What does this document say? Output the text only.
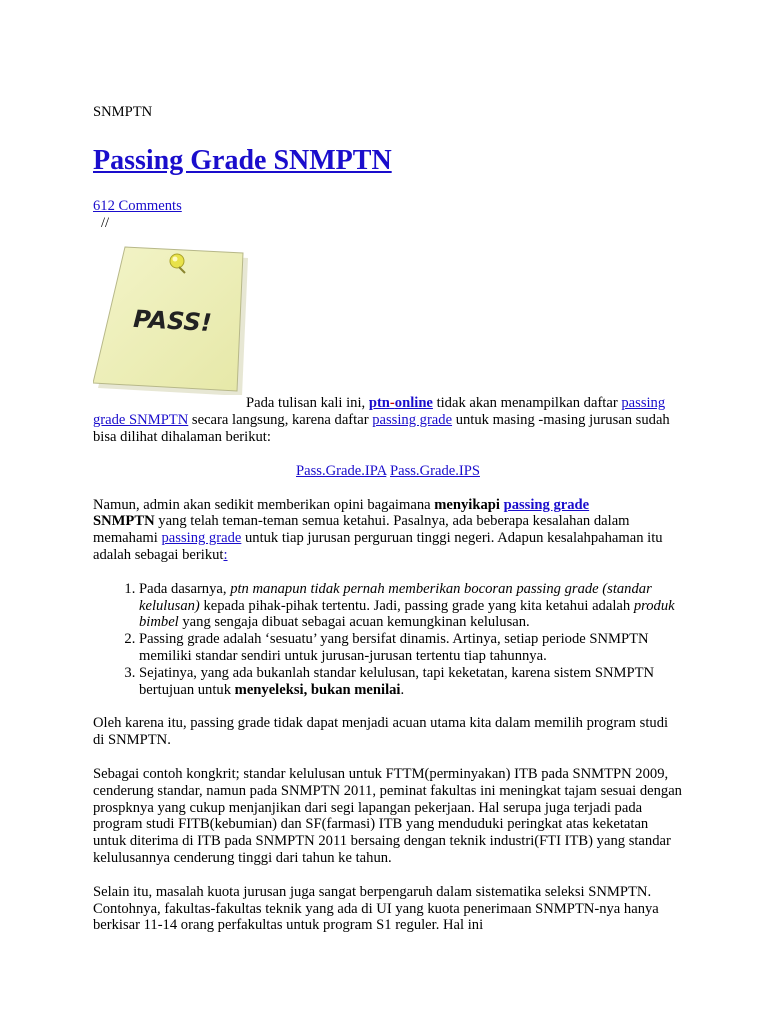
SNMPTN

Passing Grade SNMPTN
612 Comments
//
PASS!

Pada tulisan kali ini, ptn-online tidak akan menampilkan daftar passing grade SNMPTN secara langsung, karena daftar passing grade untuk masing -masing jurusan sudah bisa dilihat dihalaman berikut:

Pass.Grade.IPA Pass.Grade.IPS

Namun, admin akan sedikit memberikan opini bagaimana menyikapi passing grade
SNMPTN yang telah teman-teman semua ketahui. Pasalnya, ada beberapa kesalahan dalam memahami passing grade untuk tiap jurusan perguruan tinggi negeri. Adapun kesalahpahaman itu adalah sebagai berikut:

1. Pada dasarnya, ptn manapun tidak pernah memberikan bocoran passing grade (standar kelulusan) kepada pihak-pihak tertentu. Jadi, passing grade yang kita ketahui adalah produk bimbel yang sengaja dibuat sebagai acuan kemungkinan kelulusan.
2. Passing grade adalah ‘sesuatu’ yang bersifat dinamis. Artinya, setiap periode SNMPTN memiliki standar sendiri untuk jurusan-jurusan tertentu tiap tahunnya.
3. Sejatinya, yang ada bukanlah standar kelulusan, tapi keketatan, karena sistem SNMPTN bertujuan untuk menyeleksi, bukan menilai.

Oleh karena itu, passing grade tidak dapat menjadi acuan utama kita dalam memilih program studi di SNMPTN.

Sebagai contoh kongkrit; standar kelulusan untuk FTTM(perminyakan) ITB pada SNMTPN 2009, cenderung standar, namun pada SNMPTN 2011, peminat fakultas ini meningkat tajam sesuai dengan prospknya yang cukup menjanjikan dari segi lapangan pekerjaan. Hal serupa juga terjadi pada program studi FITB(kebumian) dan SF(farmasi) ITB yang menduduki peringkat atas keketatan untuk diterima di ITB pada SNMPTN 2011 bersaing dengan teknik industri(FTI ITB) yang standar kelulusannya cenderung tinggi dari tahun ke tahun.

Selain itu, masalah kuota jurusan juga sangat berpengaruh dalam sistematika seleksi SNMPTN. Contohnya, fakultas-fakultas teknik yang ada di UI yang kuota penerimaan SNMPTN-nya hanya berkisar 11-14 orang perfakultas untuk program S1 reguler. Hal ini
